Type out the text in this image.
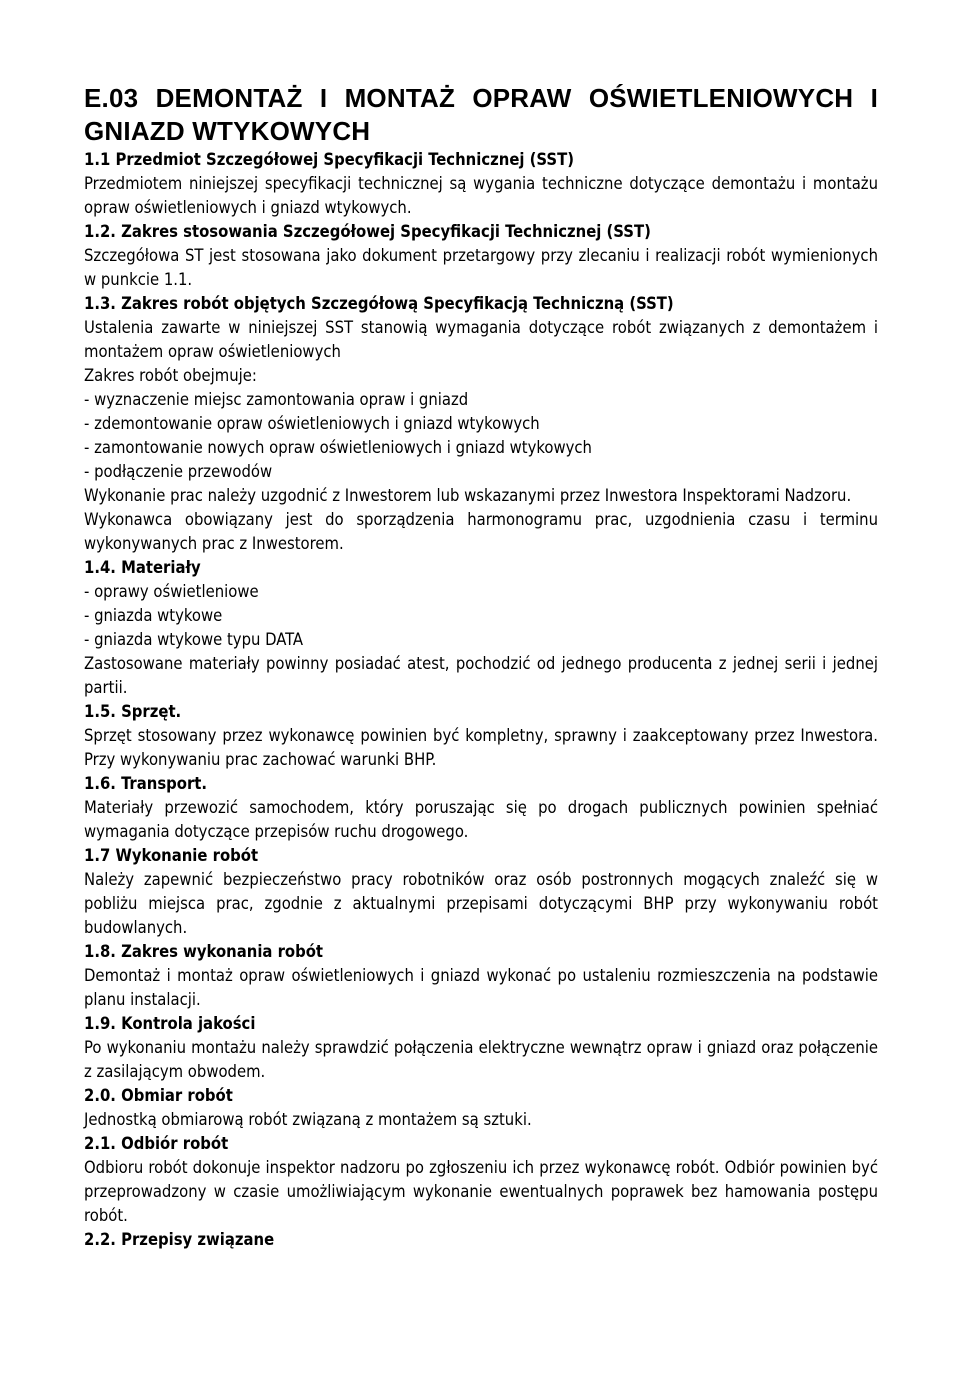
E.03 DEMONTAŻ I MONTAŻ OPRAW OŚWIETLENIOWYCH I GNIAZD WTYKOWYCH

1.1 Przedmiot Szczegółowej Specyfikacji Technicznej (SST)

Przedmiotem niniejszej specyfikacji technicznej są wygania techniczne dotyczące demontażu i montażu opraw oświetleniowych i gniazd wtykowych.

1.2. Zakres stosowania Szczegółowej Specyfikacji Technicznej (SST)

Szczegółowa ST jest stosowana jako dokument przetargowy przy zlecaniu i realizacji robót wymienionych w punkcie 1.1.

1.3. Zakres robót objętych Szczegółową Specyfikacją Techniczną (SST)

Ustalenia zawarte w niniejszej SST stanowią wymagania dotyczące robót związanych z demontażem i montażem opraw oświetleniowych

Zakres robót obejmuje:

- wyznaczenie miejsc zamontowania opraw i gniazd

- zdemontowanie opraw oświetleniowych i gniazd wtykowych

- zamontowanie nowych opraw oświetleniowych i gniazd wtykowych

- podłączenie przewodów

Wykonanie prac należy uzgodnić z Inwestorem lub wskazanymi przez Inwestora Inspektorami Nadzoru.

Wykonawca obowiązany jest do sporządzenia harmonogramu prac, uzgodnienia czasu i terminu wykonywanych prac z Inwestorem.

1.4. Materiały

- oprawy oświetleniowe

- gniazda wtykowe

- gniazda wtykowe typu DATA

Zastosowane materiały powinny posiadać atest, pochodzić od jednego producenta z jednej serii i jednej partii.

1.5. Sprzęt.

Sprzęt stosowany przez wykonawcę powinien być kompletny, sprawny i zaakceptowany przez Inwestora. Przy wykonywaniu prac zachować warunki BHP.

1.6. Transport.

Materiały przewozić samochodem, który poruszając się po drogach publicznych powinien spełniać wymagania dotyczące przepisów ruchu drogowego.

1.7 Wykonanie robót

Należy zapewnić bezpieczeństwo pracy robotników oraz osób postronnych mogących znaleźć się w pobliżu miejsca prac, zgodnie z aktualnymi przepisami dotyczącymi BHP przy wykonywaniu robót budowlanych.

1.8. Zakres wykonania robót

Demontaż i montaż opraw oświetleniowych i gniazd wykonać po ustaleniu rozmieszczenia na podstawie planu instalacji.

1.9. Kontrola jakości

Po wykonaniu montażu należy sprawdzić połączenia elektryczne wewnątrz opraw i gniazd oraz połączenie z zasilającym obwodem.

2.0. Obmiar robót

Jednostką obmiarową robót związaną z montażem są sztuki.

2.1. Odbiór robót

Odbioru robót dokonuje inspektor nadzoru po zgłoszeniu ich przez wykonawcę robót. Odbiór powinien być przeprowadzony w czasie umożliwiającym wykonanie ewentualnych poprawek bez hamowania postępu robót.

2.2. Przepisy związane
